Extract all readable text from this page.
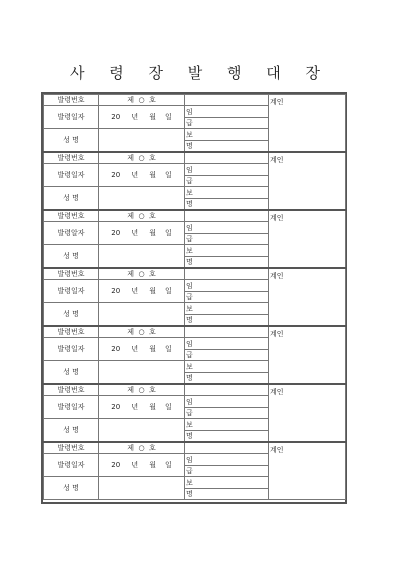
사 령 장 발 행 대 장
발령번호	제 ○ 호		계인
발령일자	20 년 월 일	임	
		급	
성 명		보	
		명	
발령번호	제 ○ 호		계인
발령일자	20 년 월 일	임	
		급	
성 명		보	
		명	
발령번호	제 ○ 호		계인
발령알자	20 년 월 일	임	
		급	
성 명		보	
		명	
발령번호	제 ○ 호		계인
발령일자	20 년 월 일	임	
		급	
성 명		보	
		명	
발령번호	제 ○ 호		계인
발령일자	20 년 월 일	임	
		급	
성 명		보	
		명	
발령번호	제 ○ 호		계인
발령일자	20 년 월 일	임	
		급	
성 명		보	
		명	
발령번호	제 ○ 호		계인
발령일자	20 년 월 일	임	
		급	
성 명		보	
		명	
